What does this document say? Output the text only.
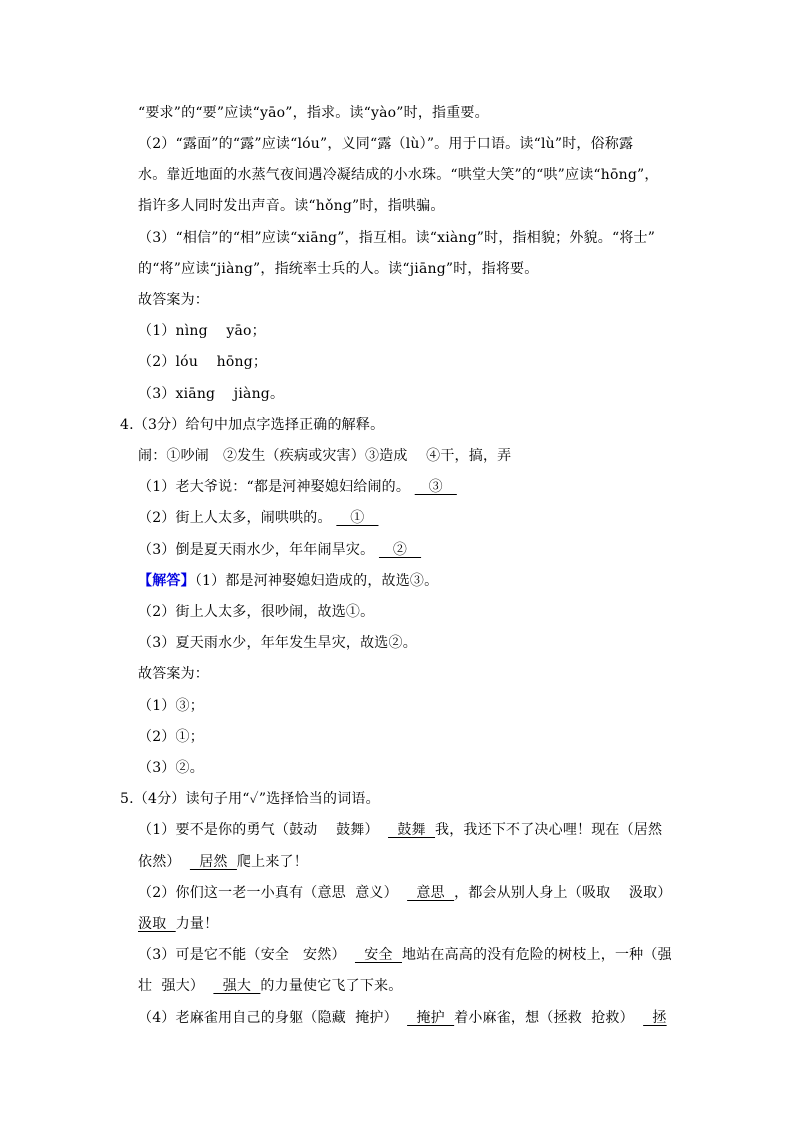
“要求”的“要”应读“yāo”，指求。读“yào”时，指重要。
（2）“露面”的“露”应读“lóu”，义同“露（lù）”。用于口语。读“lù”时，俗称露
水。靠近地面的水蒸气夜间遇冷凝结成的小水珠。“哄堂大笑”的“哄”应读“hōng”，
指许多人同时发出声音。读“hǒng”时，指哄骗。
（3）“相信”的“相”应读“xiāng”，指互相。读“xiàng”时，指相貌；外貌。“将士”
的“将”应读“jiàng”，指统率士兵的人。读“jiāng”时，指将要。
故答案为：
（1）nìng    yāo；
（2）lóu    hōng；
（3）xiāng    jiàng。
4.（3分）给句中加点字选择正确的解释。
闹：①吵闹   ②发生（疾病或灾害）③造成    ④干，搞，弄
（1）老大爷说：“都是河神娶媳妇给闹的。    ③
（2）街上人太多，闹哄哄的。    ①
（3）倒是夏天雨水少，年年闹旱灾。    ②
【解答】（1）都是河神娶媳妇造成的，故选③。
（2）街上人太多，很吵闹，故选①。
（3）夏天雨水少，年年发生旱灾，故选②。
故答案为：
（1）③；
（2）①；
（3）②。
5.（4分）读句子用“✓”选择恰当的词语。
（1）要不是你的勇气（鼓动    鼓舞）    鼓舞  我，我还下不了决心哩！现在（居然
依然）    居然  爬上来了！
（2）你们这一老一小真有（意思  意义）    意思  ，都会从别人身上（吸取    汲取）
汲取  力量！
（3）可是它不能（安全   安然）    安全  地站在高高的没有危险的树枝上，一种（强
壮  强大）    强大  的力量使它飞了下来。
（4）老麻雀用自己的身躯（隐藏  掩护）    掩护  着小麻雀，想（拯救  抢救）    拯
